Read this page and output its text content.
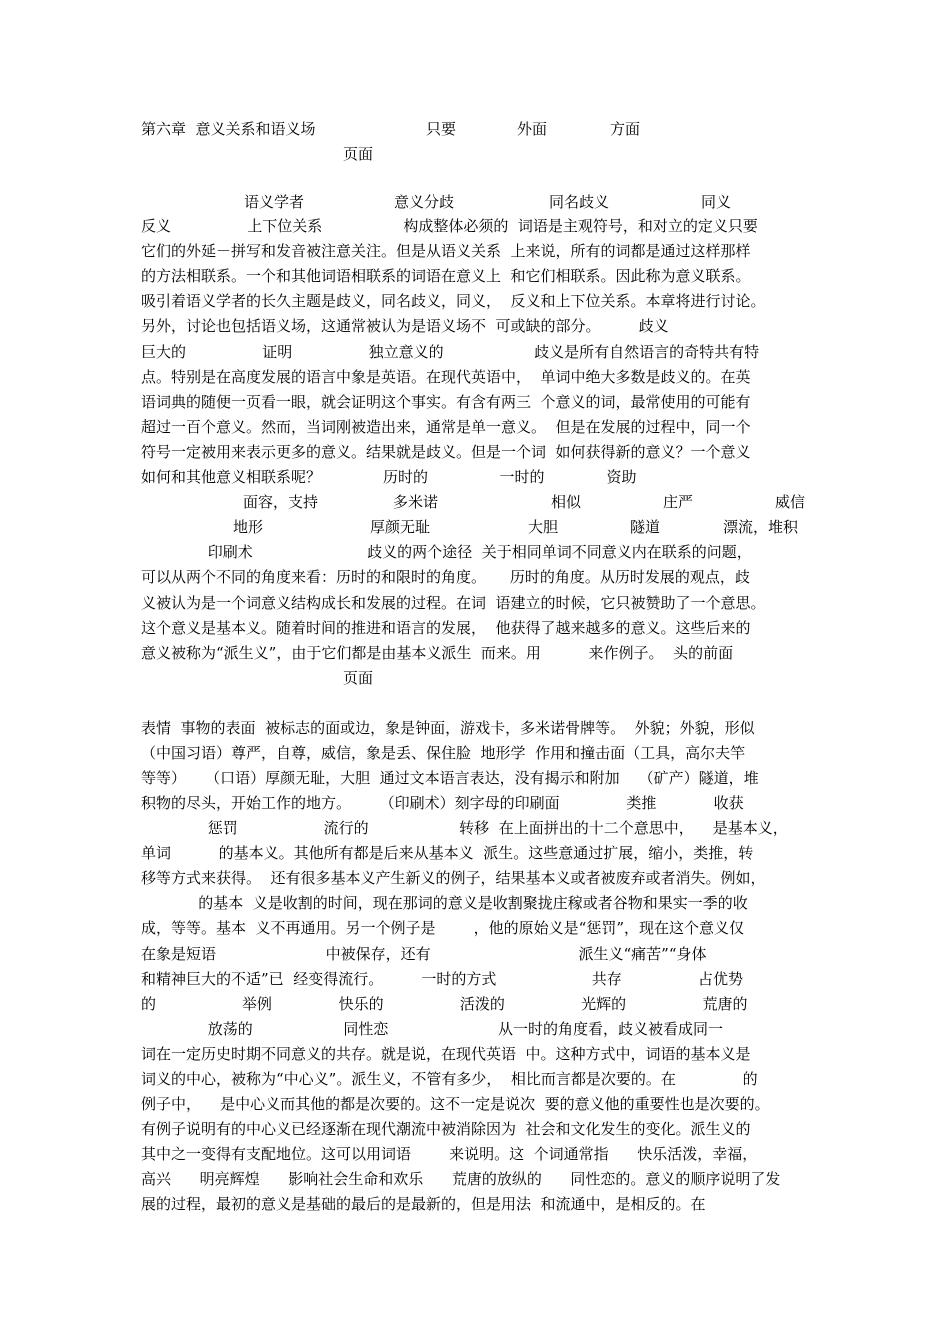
第六章  意义关系和语义场	只要	外面	方面
页面
语义学者	意义分歧	同名歧义	同义
反义                上下位关系                 构成整体必须的  词语是主观符号，和对立的定义只要
它们的外延－拼写和发音被注意关注。但是从语义关系  上来说，所有的词都是通过这样那样
的方法相联系。一个和其他词语相联系的词语在意义上  和它们相联系。因此称为意义联系。
吸引着语义学者的长久主题是歧义，同名歧义，同义，  反义和上下位关系。本章将进行讨论。
另外，讨论也包括语义场，这通常被认为是语义场不  可或缺的部分。        歧义
巨大的                证明                独立意义的                   歧义是所有自然语言的奇特共有特
点。特别是在高度发展的语言中象是英语。在现代英语中，  单词中绝大多数是歧义的。在英
语词典的随便一页看一眼，就会证明这个事实。有含有两三  个意义的词，最常使用的可能有
超过一百个意义。然而，当词刚被造出来，通常是单一意义。  但是在发展的过程中，同一个
符号一定被用来表示更多的意义。结果就是歧义。但是一个词  如何获得新的意义？一个意义
如何和其他意义相联系呢？             历时的               一时的             资助
面容，支持	多米诺	相似	庄严	威信
地形	厚颜无耻	大胆	隧道	漂流，堆积
印刷术                        歧义的两个途径  关于相同单词不同意义内在联系的问题，
可以从两个不同的角度来看：历时的和限时的角度。     历时的角度。从历时发展的观点，歧
义被认为是一个词意义结构成长和发展的过程。在词  语建立的时候，它只被赞助了一个意思。
这个意义是基本义。随着时间的推进和语言的发展，  他获得了越来越多的意义。这些后来的
意义被称为“派生义”，由于它们都是由基本义派生  而来。用          来作例子。  头的前面
页面
表情  事物的表面  被标志的面或边，象是钟面，游戏卡，多米诺骨牌等。  外貌；外貌，形似
（中国习语）尊严，自尊，威信，象是丢、保住脸  地形学  作用和撞击面（工具，高尔夫竿
等等）    （口语）厚颜无耻，大胆  通过文本语言表达，没有揭示和附加    （矿产）隧道，堆
积物的尽头，开始工作的地方。      （印刷术）刻字母的印刷面              类推            收获
惩罚                  流行的                   转移  在上面拼出的十二个意思中，    是基本义，
单词          的基本义。其他所有都是后来从基本义  派生。这些意通过扩展，缩小，类推，转
移等方式来获得。  还有很多基本义产生新义的例子，结果基本义或者被废弃或者消失。例如，
的基本  义是收割的时间，现在那词的意义是收割聚拢庄稼或者谷物和果实一季的收
成，等等。基本  义不再通用。另一个例子是        ，他的原始义是“惩罚”，现在这个意义仅
在象是短语                       中被保存，还有                               派生义“痛苦”“身体
和精神巨大的不适”已  经变得流行。        一时的方式                    共存                占优势
的                  举例              快乐的                活泼的                光辉的                荒唐的
放荡的                   同性恋                       从一时的角度看，歧义被看成同一
词在一定历史时期不同意义的共存。就是说，在现代英语  中。这种方式中，词语的基本义是
词义的中心，被称为“中心义”。派生义，不管有多少，  相比而言都是次要的。在              的
例子中，    是中心义而其他的都是次要的。这不一定是说次  要的意义他的重要性也是次要的。
有例子说明有的中心义已经逐渐在现代潮流中被消除因为  社会和文化发生的变化。派生义的
其中之一变得有支配地位。这可以用词语        来说明。这  个词通常指      快乐活泼，幸福，
高兴      明亮辉煌      影响社会生命和欢乐      荒唐的放纵的      同性恋的。意义的顺序说明了发
展的过程，最初的意义是基础的最后的是最新的，但是用法  和流通中，是相反的。在
